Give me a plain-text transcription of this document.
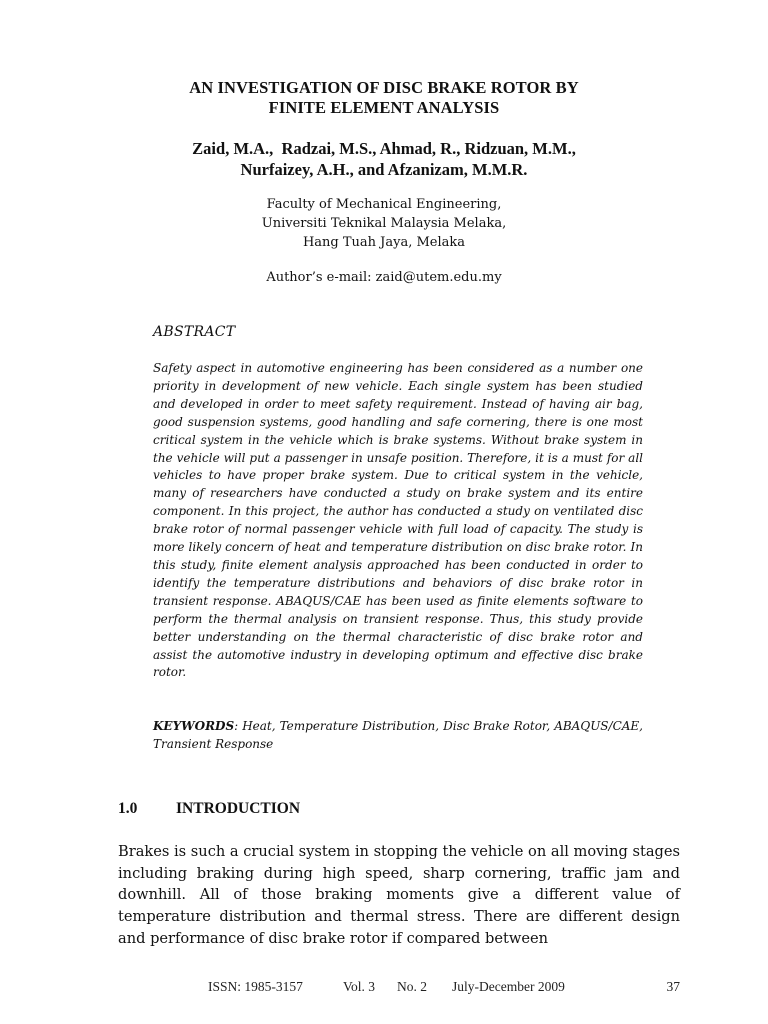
AN INVESTIGATION OF DISC BRAKE ROTOR BY
FINITE ELEMENT ANALYSIS
Zaid, M.A.,  Radzai, M.S., Ahmad, R., Ridzuan, M.M.,
Nurfaizey, A.H., and Afzanizam, M.M.R.
Faculty of Mechanical Engineering,
Universiti Teknikal Malaysia Melaka,
Hang Tuah Jaya, Melaka
Author’s e-mail: zaid@utem.edu.my
ABSTRACT
Safety aspect in automotive engineering has been considered as a number one priority in development of new vehicle. Each single system has been studied and developed in order to meet safety requirement. Instead of having air bag, good suspension systems, good handling and safe cornering, there is one most critical system in the vehicle which is brake systems. Without brake system in the vehicle will put a passenger in unsafe position. Therefore, it is a must for all vehicles to have proper brake system. Due to critical system in the vehicle, many of researchers have conducted a study on brake system and its entire component. In this project, the author has conducted a study on ventilated disc brake rotor of normal passenger vehicle with full load of capacity. The study is more likely concern of heat and temperature distribution on disc brake rotor. In this study, finite element analysis approached has been conducted in order to identify the temperature distributions and behaviors of disc brake rotor in transient response. ABAQUS/CAE has been used as finite elements software to perform the thermal analysis on transient response. Thus, this study provide better understanding on the thermal characteristic of disc brake rotor and assist the automotive industry in developing optimum and effective disc brake rotor.
KEYWORDS: Heat, Temperature Distribution, Disc Brake Rotor, ABAQUS/CAE, Transient Response
1.0 INTRODUCTION
Brakes is such a crucial system in stopping the vehicle on all moving stages including braking during high speed, sharp cornering, traffic jam and downhill. All of those braking moments give a different value of temperature distribution and thermal stress. There are different design and performance of disc brake rotor if compared between
ISSN: 1985-3157	Vol. 3 No. 2 July-December 2009	37
